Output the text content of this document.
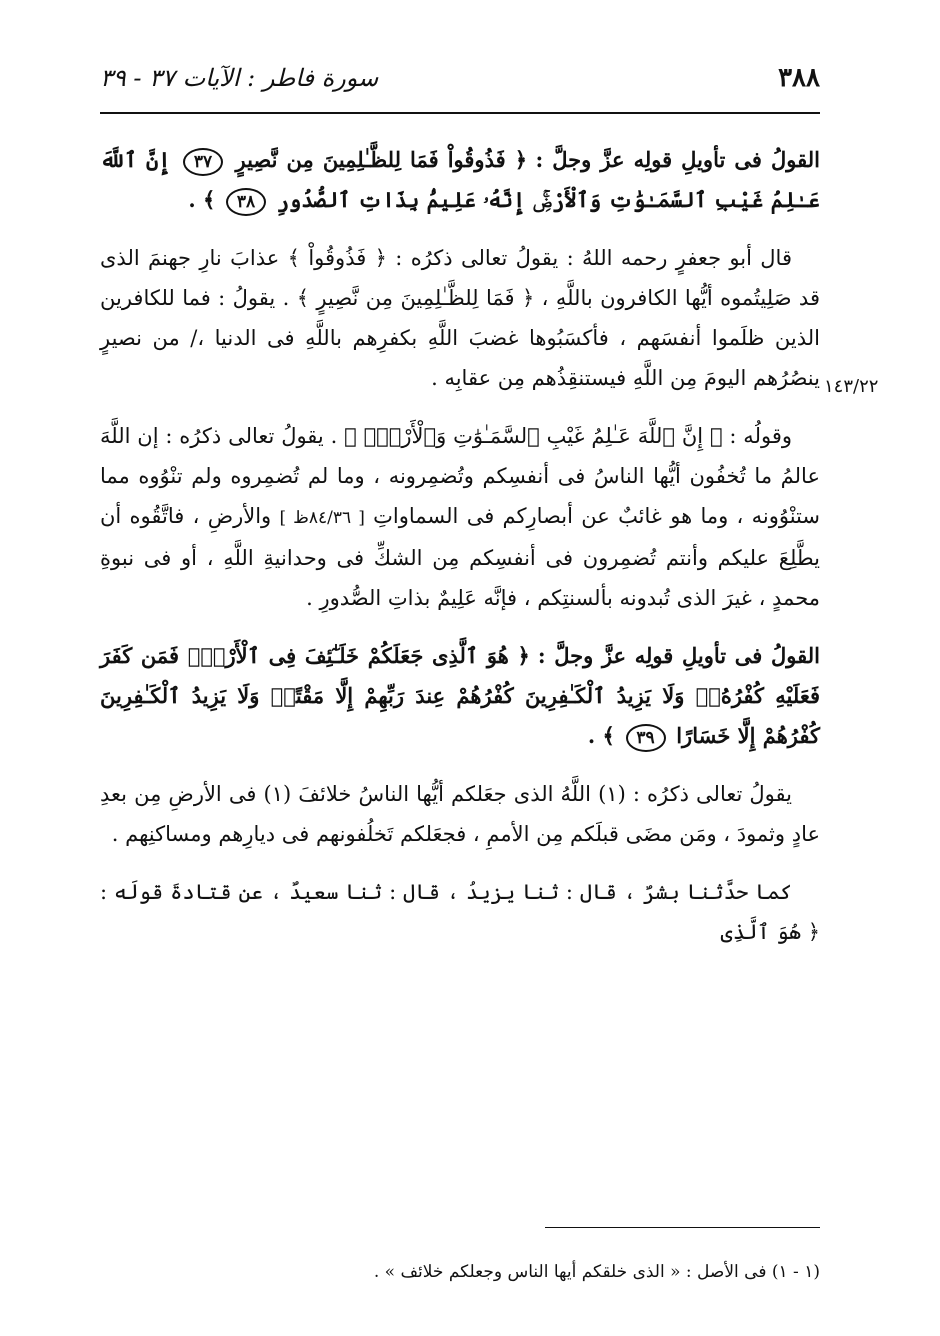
٣٨٨
سورة فاطر : الآيات ٣٧ - ٣٩
١٤٣/٢٢

القولُ فى تأويلِ قولِه عزَّ وجلَّ : ﴿ فَذُوقُواْ فَمَا لِلظَّـٰلِمِينَ مِن نَّصِيرٍ ٣٧ إِنَّ ٱللَّهَ عَـٰلِمُ غَيْبِ ٱلسَّمَـٰوَٰتِ وَٱلْأَرْضِۚ إِنَّهُۥ عَلِيمُۢ بِذَاتِ ٱلصُّدُورِ ٣٨ ﴾ .

قال أبو جعفرٍ رحمه اللهُ : يقولُ تعالى ذكرُه : ﴿ فَذُوقُواْ ﴾ عذابَ نارِ جهنمَ الذى قد صَلِيتُموه أيُّها الكافرون باللَّهِ ، ﴿ فَمَا لِلظَّـٰلِمِينَ مِن نَّصِيرٍ ﴾ . يقولُ : فما للكافرين الذين ظلَموا أنفسَهم ، فأكسَبُوها غضبَ اللَّهِ بكفرِهم باللَّهِ فى الدنيا ،/ من نصيرٍ ينصُرُهم اليومَ مِن اللَّهِ فيستنقِذُهم مِن عقابِه .

وقولُه : ﴿ إِنَّ ٱللَّهَ عَـٰلِمُ غَيْبِ ٱلسَّمَـٰوَٰتِ وَٱلْأَرْضِۚ ﴾ . يقولُ تعالى ذكرُه : إن اللَّهَ عالمُ ما تُخفُون أيُّها الناسُ فى أنفسِكم وتُضمِرونه ، وما لم تُضمِروه ولم تنْوُوه مما ستنْوُونه ، وما هو غائبٌ عن أبصارِكم فى السماواتِ [ ٨٤/٣٦ظ ] والأرضِ ، فاتَّقُوه أن يطَّلِعَ عليكم وأنتم تُضمِرون فى أنفسِكم مِن الشكِّ فى وحدانيةِ اللَّهِ ، أو فى نبوةِ محمدٍ ، غيرَ الذى تُبدونه بألسنتِكم ، فإنَّه عَلِيمٌ بذاتِ الصُّدورِ .

القولُ فى تأويلِ قولِه عزَّ وجلَّ : ﴿ هُوَ ٱلَّذِى جَعَلَكُمْ خَلَـٰٓئِفَ فِى ٱلْأَرْضِۚ فَمَن كَفَرَ فَعَلَيْهِ كُفْرُهُۥۖ وَلَا يَزِيدُ ٱلْكَـٰفِرِينَ كُفْرُهُمْ عِندَ رَبِّهِمْ إِلَّا مَقْتًاۖ وَلَا يَزِيدُ ٱلْكَـٰفِرِينَ كُفْرُهُمْ إِلَّا خَسَارًا ٣٩ ﴾ .

يقولُ تعالى ذكرُه : (١) اللَّهُ الذى جعَلكم أيُّها الناسُ خلائفَ (١) فى الأرضِ مِن بعدِ عادٍ وثمودَ ، ومَن مضَى قبلَكم مِن الأممِ ، فجعَلكم تَخلُفونهم فى ديارِهم ومساكنِهم .

كما حدَّثنا بشرٌ ، قال : ثنا يزيدُ ، قال : ثنا سعيدٌ ، عن قتادةَ قولَه : ﴿ هُوَ ٱلَّذِى

(١ - ١) فى الأصل : « الذى خلقكم أيها الناس وجعلكم خلائف » .
